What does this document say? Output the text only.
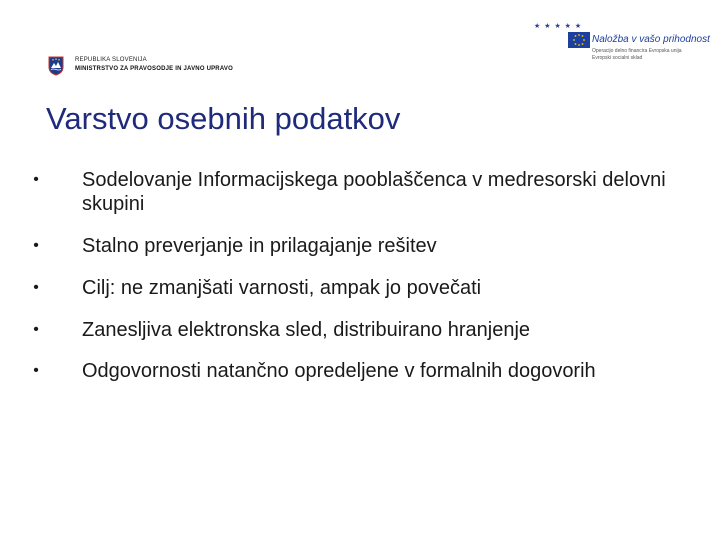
REPUBLIKA SLOVENIJA
MINISTRSTVO ZA PRAVOSODJE IN JAVNO UPRAVO
★ ★ ★ ★ ★
Naložba v vašo prihodnost
Operacijo delno financira Evropska unija
Evropski socialni sklad
Varstvo osebnih podatkov
• Sodelovanje Informacijskega pooblaščenca v medresorski delovni skupini
• Stalno preverjanje in prilagajanje rešitev
• Cilj: ne zmanjšati varnosti, ampak jo povečati
• Zanesljiva elektronska sled, distribuirano hranjenje
• Odgovornosti natančno opredeljene v formalnih dogovorih
